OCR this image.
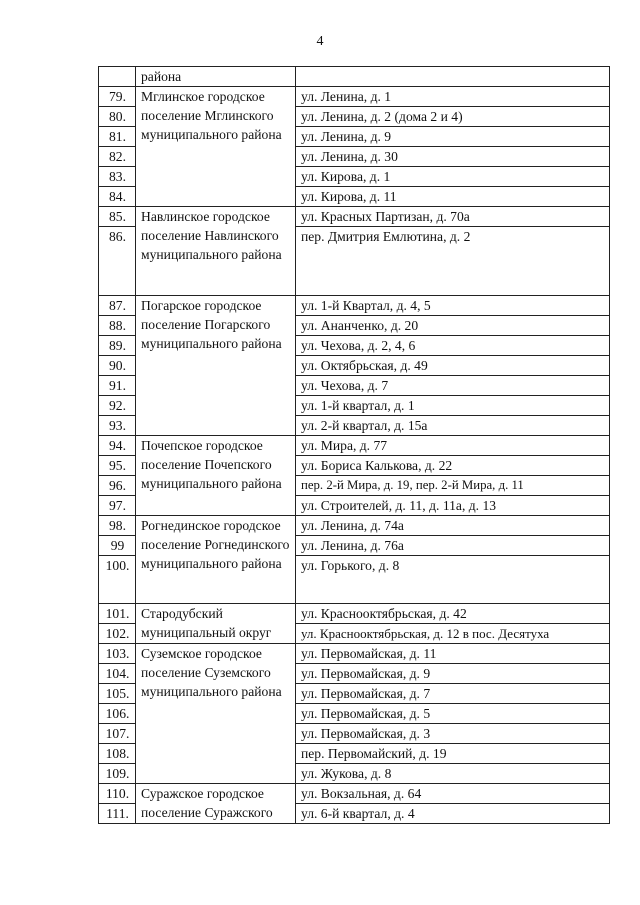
4
	района	
79.	Мглинское городское поселение Мглинского муниципального района	ул. Ленина, д. 1
80.		ул. Ленина, д. 2 (дома 2 и 4)
81.		ул. Ленина, д. 9
82.		ул. Ленина, д. 30
83.		ул. Кирова, д. 1
84.		ул. Кирова, д. 11
85.	Навлинское городское поселение Навлинского муниципального района	ул. Красных Партизан, д. 70а
86.		пер. Дмитрия Емлютина, д. 2
87.	Погарское городское поселение Погарского муниципального района	ул. 1-й Квартал, д. 4, 5
88.		ул. Ананченко, д. 20
89.		ул. Чехова, д. 2, 4, 6
90.		ул. Октябрьская, д. 49
91.		ул. Чехова, д. 7
92.		ул. 1-й квартал, д. 1
93.		ул. 2-й квартал, д. 15а
94.	Почепское городское поселение Почепского муниципального района	ул. Мира, д. 77
95.		ул. Бориса Калькова, д. 22
96.		пер. 2-й Мира, д. 19, пер. 2-й Мира, д. 11
97.		ул. Строителей, д. 11, д. 11а, д. 13
98.	Рогнединское городское поселение Рогнединского муниципального района	ул. Ленина, д. 74а
99		ул. Ленина, д. 76а
100.		ул. Горького, д. 8
101.	Стародубский муниципальный округ	ул. Краснооктябрьская, д. 42
102.		ул. Краснооктябрьская, д. 12 в пос. Десятуха
103.	Суземское городское поселение Суземского муниципального района	ул. Первомайская, д. 11
104.		ул. Первомайская, д. 9
105.		ул. Первомайская, д. 7
106.		ул. Первомайская, д. 5
107.		ул. Первомайская, д. 3
108.		пер. Первомайский, д. 19
109.		ул. Жукова, д. 8
110.	Суражское городское поселение Суражского	ул. Вокзальная, д. 64
111.		ул. 6-й квартал, д. 4
